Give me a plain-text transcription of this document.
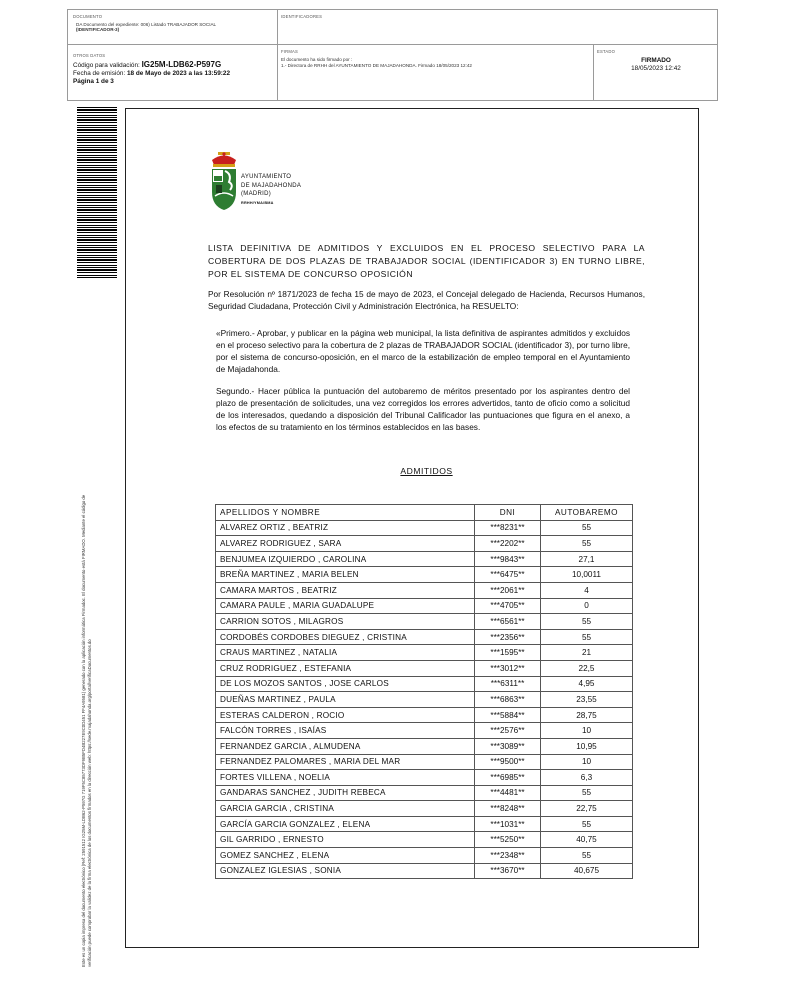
DOCUMENTO
DA Documento del expediente: 006) Listado TRABAJADOR SOCIAL
(IDENTIFICADOR-3)
IDENTIFICADORES
OTROS DATOS
Código para validación: IG25M-LDB62-P597G
Fecha de emisión: 18 de Mayo de 2023 a las 13:59:22
Página 1 de 3
FIRMAS
El documento ha sido firmado por :
1.- Directora de RRHH del AYUNTAMIENTO DE MAJADAHONDA. Firmado 18/05/2023 12:42
ESTADO
FIRMADO
18/05/2023 12:42
Este es un copia impresa del documento electrónico (Ref: 2591512 IG25M-LDB62-P597G 719F5C85773DF9B5FD4B227E9C0D451 FF4A9581) generado con la aplicación informática Firmadoc. El documento está FIRMADO. Mediante el código de verificación puede comprobar la validez de la firma electrónica de los documentos firmados en la dirección web: https://sede.majadahonda.org/portal/verificaDocumentos.do
AYUNTAMIENTO
DE MAJADAHONDA
(MADRID)
RRHH/YMA/BMA
LISTA DEFINITIVA DE ADMITIDOS Y EXCLUIDOS EN EL PROCESO SELECTIVO PARA LA COBERTURA DE DOS PLAZAS DE TRABAJADOR SOCIAL (IDENTIFICADOR 3) EN TURNO LIBRE, POR EL SISTEMA DE CONCURSO OPOSICIÓN
Por Resolución nº 1871/2023 de fecha 15 de mayo de 2023, el Concejal delegado de Hacienda, Recursos Humanos, Seguridad Ciudadana, Protección Civil y Administración Electrónica, ha RESUELTO:
«Primero.- Aprobar, y publicar en la página web municipal, la lista definitiva de aspirantes admitidos y excluidos en el proceso selectivo para la cobertura de 2 plazas de TRABAJADOR SOCIAL (identificador 3), por turno libre, por el sistema de concurso-oposición, en el marco de la estabilización de empleo temporal en el Ayuntamiento de Majadahonda.
Segundo.- Hacer pública la puntuación del autobaremo de méritos presentado por los aspirantes dentro del plazo de presentación de solicitudes, una vez corregidos los errores advertidos, tanto de oficio como a solicitud de los interesados, quedando a disposición del Tribunal Calificador las puntuaciones que figura en el anexo, a los efectos de su tratamiento en los términos establecidos en las bases.
ADMITIDOS
APELLIDOS Y NOMBRE	DNI	AUTOBAREMO
ALVAREZ ORTIZ , BEATRIZ	***8231**	55
ALVAREZ RODRIGUEZ , SARA	***2202**	55
BENJUMEA IZQUIERDO , CAROLINA	***9843**	27,1
BREÑA MARTINEZ , MARIA BELEN	***6475**	10,0011
CAMARA MARTOS , BEATRIZ	***2061**	4
CAMARA PAULE , MARIA GUADALUPE	***4705**	0
CARRION SOTOS , MILAGROS	***6561**	55
CORDOBÉS CORDOBES DIEGUEZ , CRISTINA	***2356**	55
CRAUS MARTINEZ , NATALIA	***1595**	21
CRUZ RODRIGUEZ , ESTEFANIA	***3012**	22,5
DE LOS MOZOS SANTOS , JOSE CARLOS	***6311**	4,95
DUEÑAS MARTINEZ , PAULA	***6863**	23,55
ESTERAS CALDERON , ROCIO	***5884**	28,75
FALCÓN TORRES , ISAÍAS	***2576**	10
FERNANDEZ GARCIA , ALMUDENA	***3089**	10,95
FERNANDEZ PALOMARES , MARIA DEL MAR	***9500**	10
FORTES VILLENA , NOELIA	***6985**	6,3
GANDARAS SANCHEZ , JUDITH REBECA	***4481**	55
GARCIA GARCIA , CRISTINA	***8248**	22,75
GARCÍA GARCIA GONZALEZ , ELENA	***1031**	55
GIL GARRIDO , ERNESTO	***5250**	40,75
GOMEZ SANCHEZ , ELENA	***2348**	55
GONZALEZ IGLESIAS , SONIA	***3670**	40,675
